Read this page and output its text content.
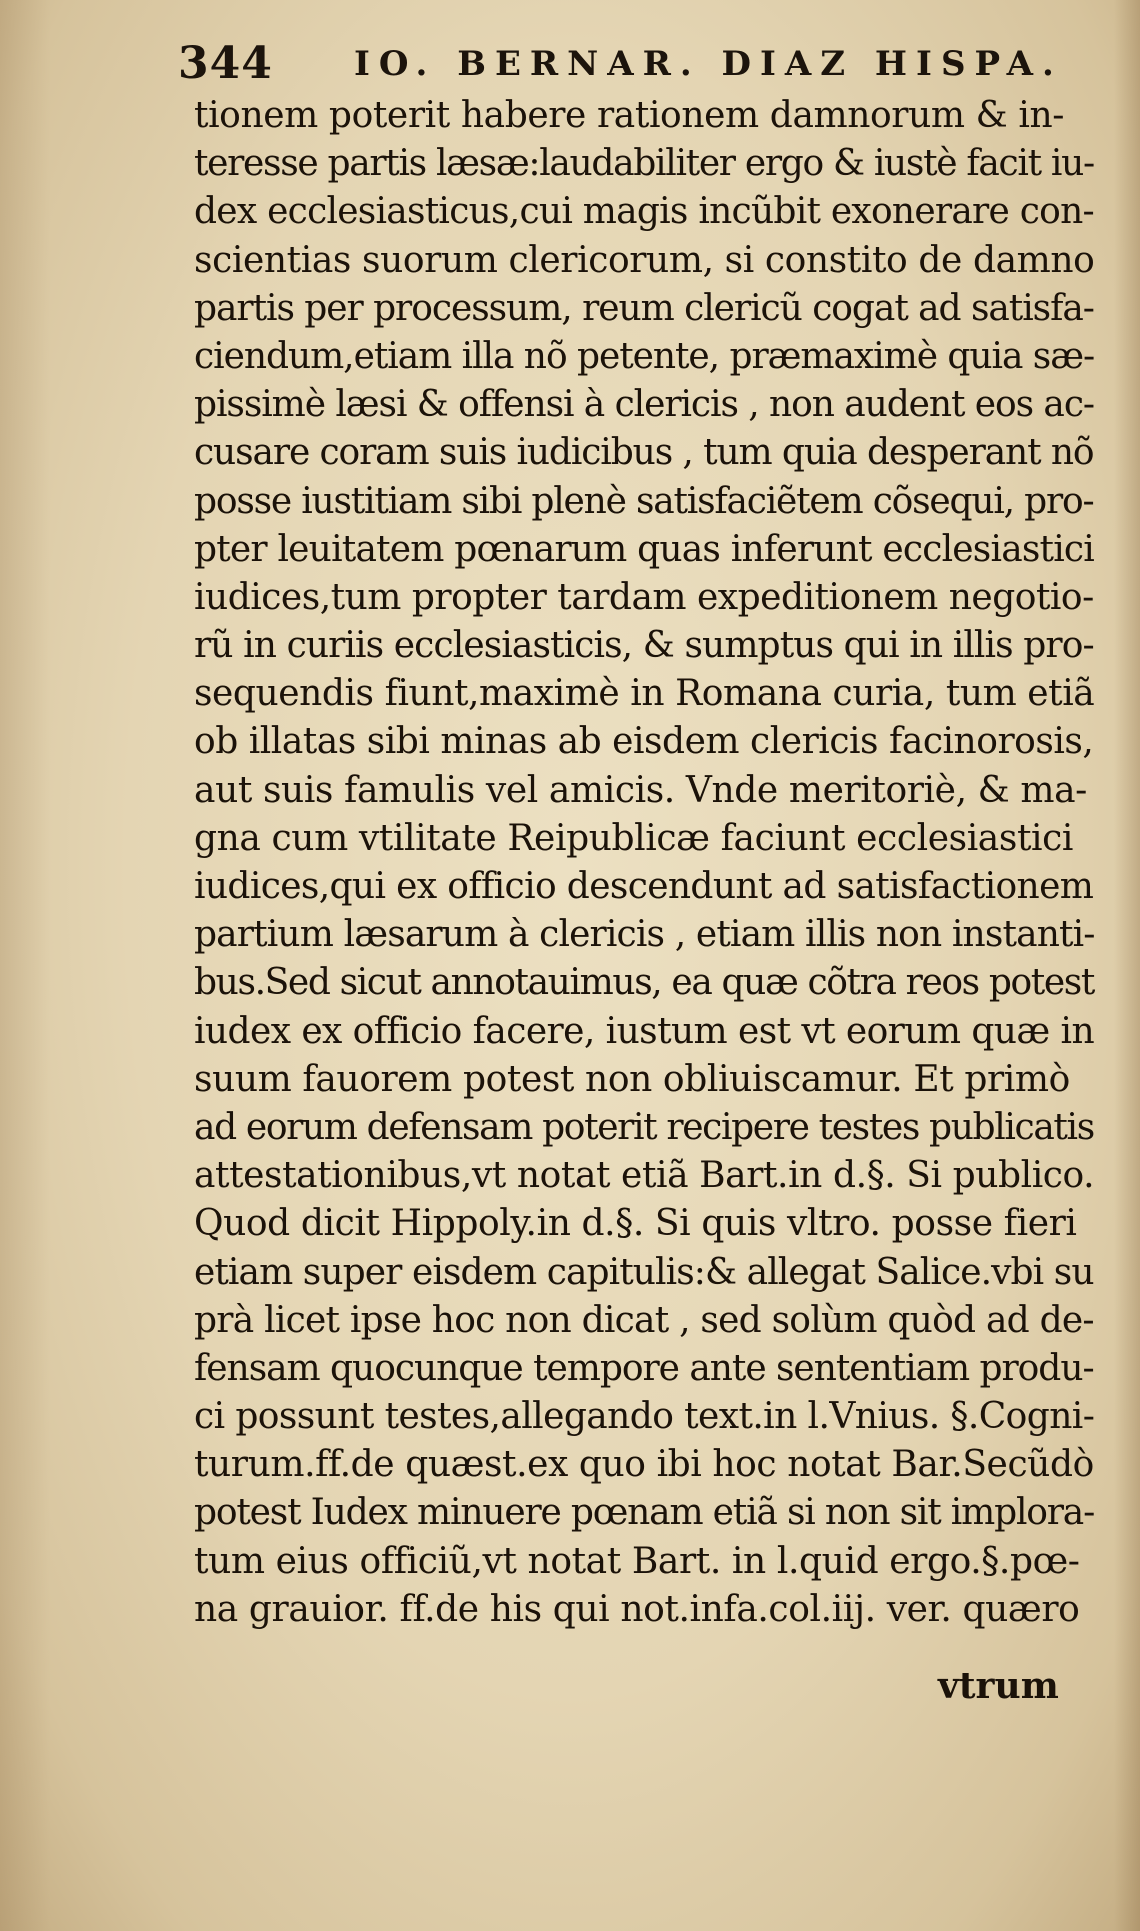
344 IO. BERNAR. DIAZ HISPA.
tionem poterit habere rationem damnorum & in-
teresse partis læsæ:laudabiliter ergo & iustè facit iu-
dex ecclesiasticus,cui magis incũbit exonerare con-
scientias suorum clericorum, si constito de damno
partis per processum, reum clericũ cogat ad satisfa-
ciendum,etiam illa nõ petente, præmaximè quia sæ-
pissimè læsi & offensi à clericis , non audent eos ac-
cusare coram suis iudicibus , tum quia desperant nõ
posse iustitiam sibi plenè satisfaciẽtem cõsequi, pro-
pter leuitatem pœnarum quas inferunt ecclesiastici
iudices,tum propter tardam expeditionem negotio-
rũ in curiis ecclesiasticis, & sumptus qui in illis pro-
sequendis fiunt,maximè in Romana curia, tum etiã
ob illatas sibi minas ab eisdem clericis facinorosis,
aut suis famulis vel amicis. Vnde meritoriè, & ma-
gna cum vtilitate Reipublicæ faciunt ecclesiastici
iudices,qui ex officio descendunt ad satisfactionem
partium læsarum à clericis , etiam illis non instanti-
bus.Sed sicut annotauimus, ea quæ cõtra reos potest
iudex ex officio facere, iustum est vt eorum quæ in
suum fauorem potest non obliuiscamur. Et primò
ad eorum defensam poterit recipere testes publicatis
attestationibus,vt notat etiã Bart.in d.§. Si publico.
Quod dicit Hippoly.in d.§. Si quis vltro. posse fieri
etiam super eisdem capitulis:& allegat Salice.vbi su
prà licet ipse hoc non dicat , sed solùm quòd ad de-
fensam quocunque tempore ante sententiam produ-
ci possunt testes,allegando text.in l.Vnius. §.Cogni-
turum.ff.de quæst.ex quo ibi hoc notat Bar.Secũdò
potest Iudex minuere pœnam etiã si non sit implora-
tum eius officiũ,vt notat Bart. in l.quid ergo.§.pœ-
na grauior. ff.de his qui not.infa.col.iij. ver. quæro
vtrum
